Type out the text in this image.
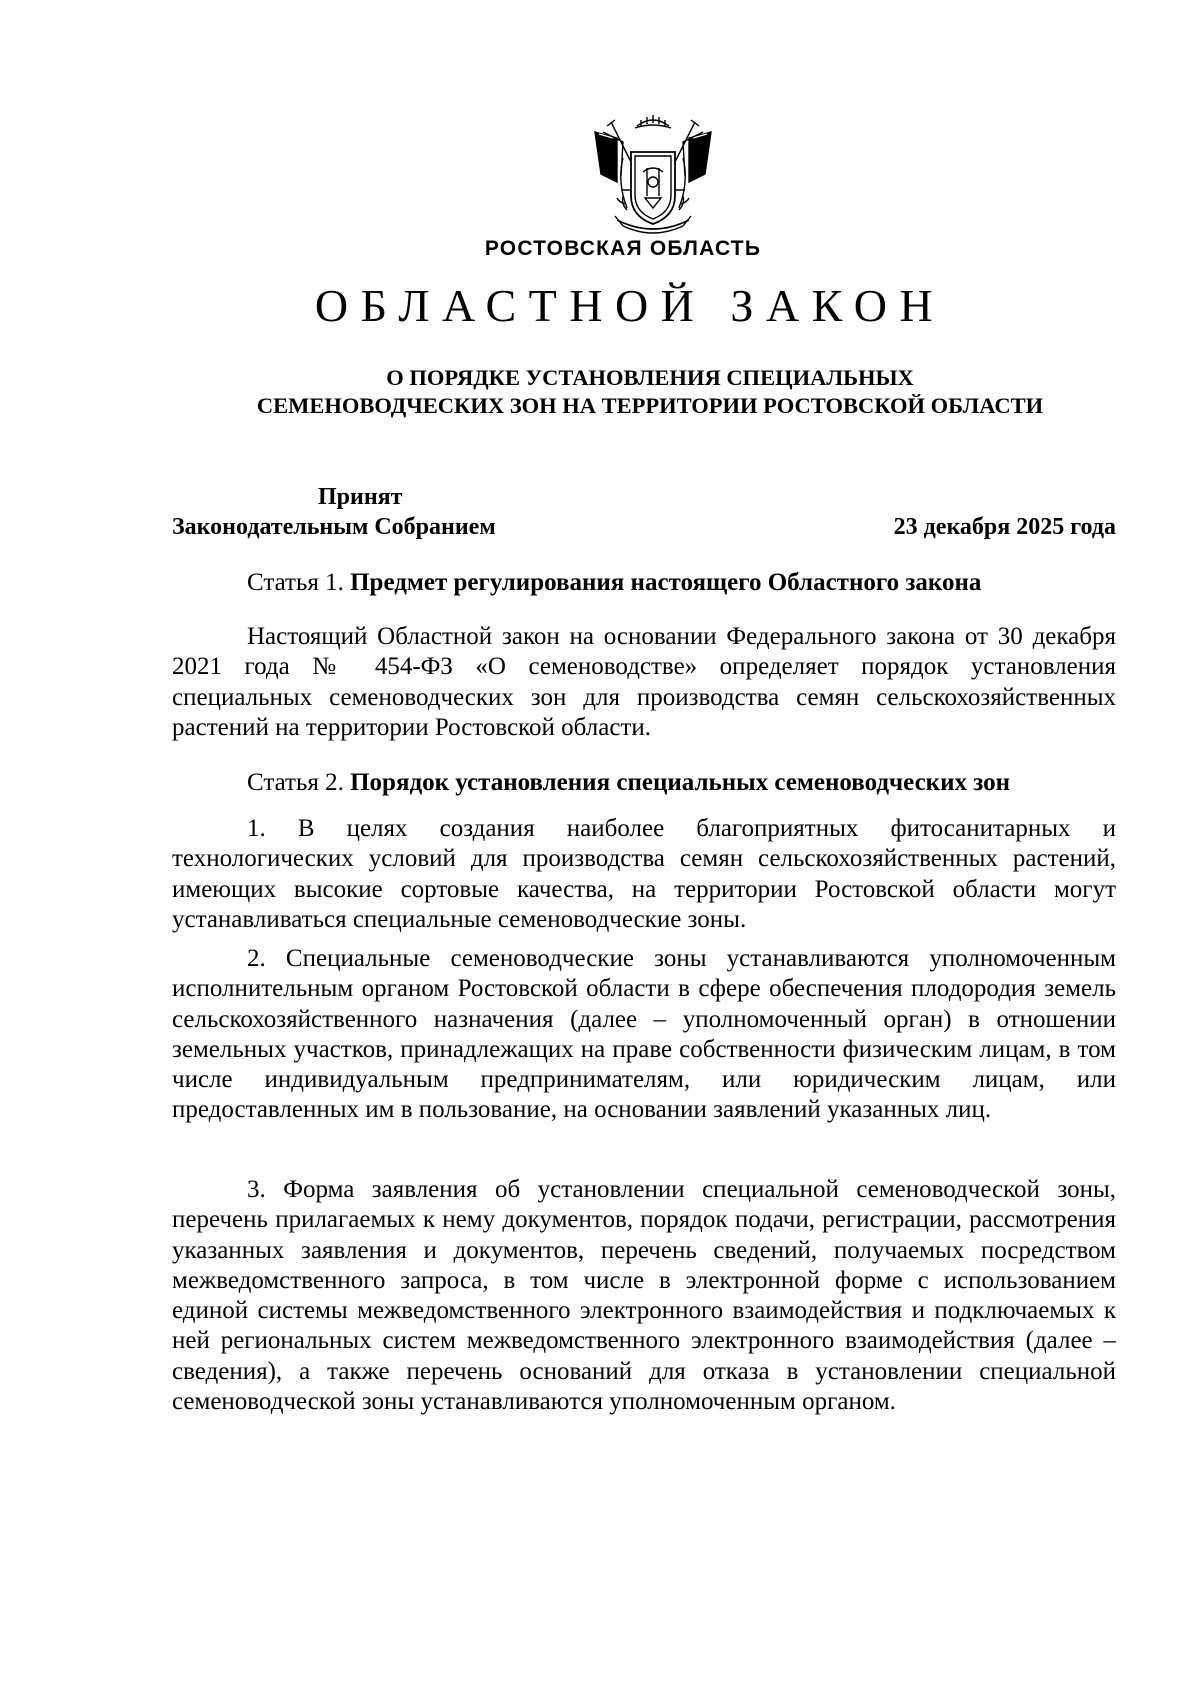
РОСТОВСКАЯ ОБЛАСТЬ
ОБЛАСТНОЙ ЗАКОН
О ПОРЯДКЕ УСТАНОВЛЕНИЯ СПЕЦИАЛЬНЫХ
СЕМЕНОВОДЧЕСКИХ ЗОН НА ТЕРРИТОРИИ РОСТОВСКОЙ ОБЛАСТИ
Принят
Законодательным Собранием	23 декабря 2025 года
Статья 1. Предмет регулирования настоящего Областного закона
Настоящий Областной закон на основании Федерального закона от 30 декабря 2021 года № 454-ФЗ «О семеноводстве» определяет порядок установления специальных семеноводческих зон для производства семян сельскохозяйственных растений на территории Ростовской области.
Статья 2. Порядок установления специальных семеноводческих зон
1. В целях создания наиболее благоприятных фитосанитарных и технологических условий для производства семян сельскохозяйственных растений, имеющих высокие сортовые качества, на территории Ростовской области могут устанавливаться специальные семеноводческие зоны.
2. Специальные семеноводческие зоны устанавливаются уполномоченным исполнительным органом Ростовской области в сфере обеспечения плодородия земель сельскохозяйственного назначения (далее – уполномоченный орган) в отношении земельных участков, принадлежащих на праве собственности физическим лицам, в том числе индивидуальным предпринимателям, или юридическим лицам, или предоставленных им в пользование, на основании заявлений указанных лиц.
3. Форма заявления об установлении специальной семеноводческой зоны, перечень прилагаемых к нему документов, порядок подачи, регистрации, рассмотрения указанных заявления и документов, перечень сведений, получаемых посредством межведомственного запроса, в том числе в электронной форме с использованием единой системы межведомственного электронного взаимодействия и подключаемых к ней региональных систем межведомственного электронного взаимодействия (далее – сведения), а также перечень оснований для отказа в установлении специальной семеноводческой зоны устанавливаются уполномоченным органом.
